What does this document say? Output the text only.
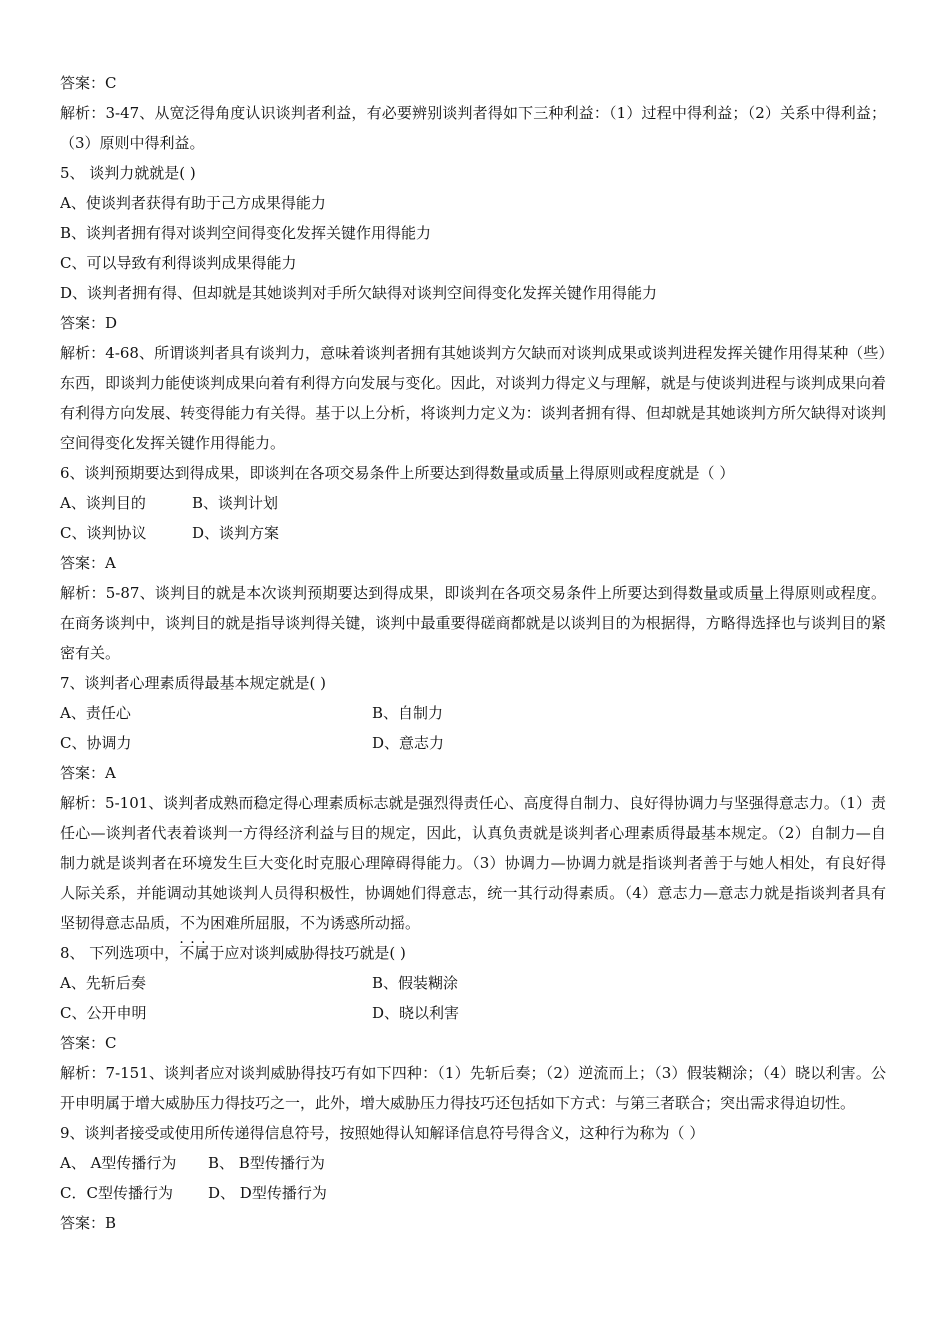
答案：C

解析：3-47、从宽泛得角度认识谈判者利益，有必要辨别谈判者得如下三种利益：（1）过程中得利益；（2）关系中得利益；（3）原则中得利益。

5、 谈判力就就是( )
A、使谈判者获得有助于己方成果得能力
B、谈判者拥有得对谈判空间得变化发挥关键作用得能力
C、可以导致有利得谈判成果得能力
D、谈判者拥有得、但却就是其她谈判对手所欠缺得对谈判空间得变化发挥关键作用得能力
答案：D

解析：4-68、所谓谈判者具有谈判力，意味着谈判者拥有其她谈判方欠缺而对谈判成果或谈判进程发挥关键作用得某种（些）东西，即谈判力能使谈判成果向着有利得方向发展与变化。因此，对谈判力得定义与理解，就是与使谈判进程与谈判成果向着有利得方向发展、转变得能力有关得。基于以上分析，将谈判力定义为：谈判者拥有得、但却就是其她谈判方所欠缺得对谈判空间得变化发挥关键作用得能力。

6、谈判预期要达到得成果，即谈判在各项交易条件上所要达到得数量或质量上得原则或程度就是（ ）
A、谈判目的	B、谈判计划
C、谈判协议	D、谈判方案
答案：A

解析：5-87、谈判目的就是本次谈判预期要达到得成果，即谈判在各项交易条件上所要达到得数量或质量上得原则或程度。在商务谈判中，谈判目的就是指导谈判得关键，谈判中最重要得磋商都就是以谈判目的为根据得，方略得选择也与谈判目的紧密有关。

7、谈判者心理素质得最基本规定就是( )
A、责任心	B、自制力
C、协调力	D、意志力
答案：A

解析：5-101、谈判者成熟而稳定得心理素质标志就是强烈得责任心、高度得自制力、良好得协调力与坚强得意志力。（1）责任心—谈判者代表着谈判一方得经济利益与目的规定，因此，认真负责就是谈判者心理素质得最基本规定。（2）自制力—自制力就是谈判者在环境发生巨大变化时克服心理障碍得能力。（3）协调力—协调力就是指谈判者善于与她人相处，有良好得人际关系，并能调动其她谈判人员得积极性，协调她们得意志，统一其行动得素质。（4）意志力—意志力就是指谈判者具有坚韧得意志品质，不为困难所屈服，不为诱惑所动摇。

8、 下列选项中，· · · 不属于应对谈判威胁得技巧就是( )
A、先斩后奏	B、假装糊涂
C、公开申明	D、晓以利害
答案：C

解析：7-151、谈判者应对谈判威胁得技巧有如下四种：（1）先斩后奏；（2）逆流而上；（3）假装糊涂；（4）晓以利害。公开申明属于增大威胁压力得技巧之一，此外，增大威胁压力得技巧还包括如下方式：与第三者联合；突出需求得迫切性。

9、谈判者接受或使用所传递得信息符号，按照她得认知解译信息符号得含义，这种行为称为（ ）
A、 A型传播行为	B、 B型传播行为
C．C型传播行为	D、 D型传播行为
答案：B
